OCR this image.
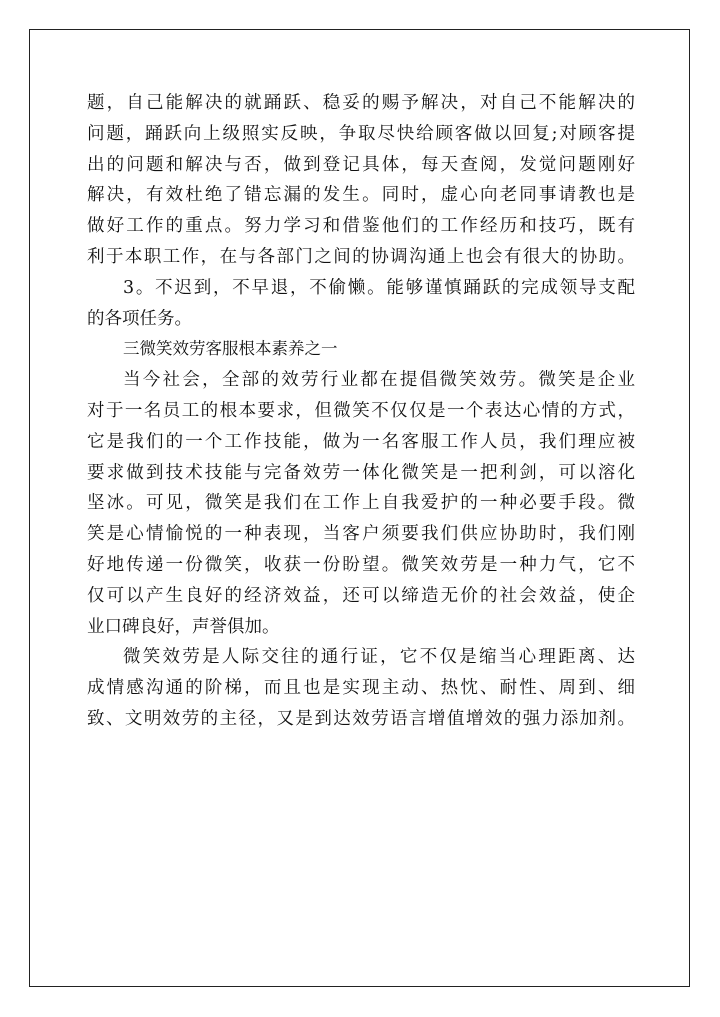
题，自己能解决的就踊跃、稳妥的赐予解决，对自己不能解决的
问题，踊跃向上级照实反映，争取尽快给顾客做以回复;对顾客提
出的问题和解决与否，做到登记具体，每天查阅，发觉问题刚好
解决，有效杜绝了错忘漏的发生。同时，虚心向老同事请教也是
做好工作的重点。努力学习和借鉴他们的工作经历和技巧，既有
利于本职工作，在与各部门之间的协调沟通上也会有很大的协助。
3。不迟到，不早退，不偷懒。能够谨慎踊跃的完成领导支配
的各项任务。
三微笑效劳客服根本素养之一
当今社会，全部的效劳行业都在提倡微笑效劳。微笑是企业
对于一名员工的根本要求，但微笑不仅仅是一个表达心情的方式，
它是我们的一个工作技能，做为一名客服工作人员，我们理应被
要求做到技术技能与完备效劳一体化微笑是一把利剑，可以溶化
坚冰。可见，微笑是我们在工作上自我爱护的一种必要手段。微
笑是心情愉悦的一种表现，当客户须要我们供应协助时，我们刚
好地传递一份微笑，收获一份盼望。微笑效劳是一种力气，它不
仅可以产生良好的经济效益，还可以缔造无价的社会效益，使企
业口碑良好，声誉俱加。
微笑效劳是人际交往的通行证，它不仅是缩当心理距离、达
成情感沟通的阶梯，而且也是实现主动、热忱、耐性、周到、细
致、文明效劳的主径，又是到达效劳语言增值增效的强力添加剂。
